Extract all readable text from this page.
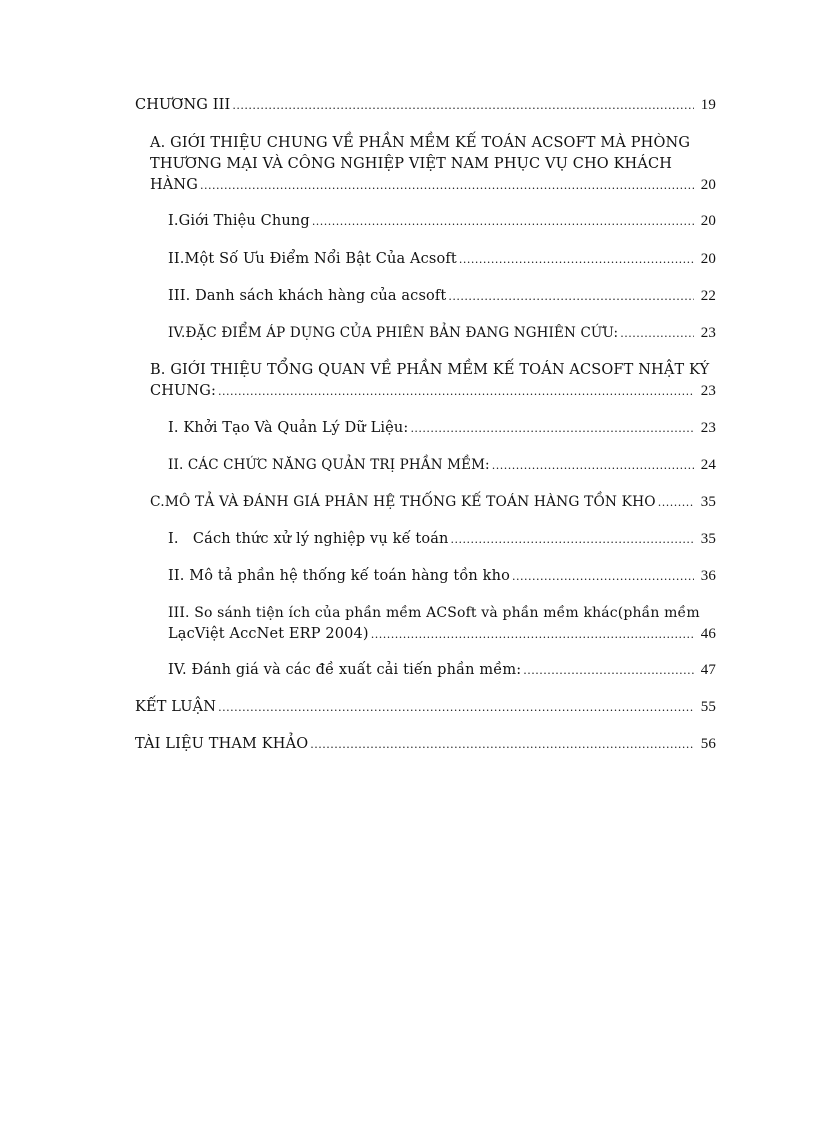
CHƯƠNG III .....	19
A. GIỚI THIỆU CHUNG VỀ PHẦN MỀM KẾ TOÁN ACSOFT MÀ PHÒNG
THƯƠNG MẠI VÀ CÔNG NGHIỆP VIỆT NAM PHỤC VỤ CHO KHÁCH
HÀNG .....	20
I.Giới Thiệu Chung .....	20
II.Một Số Ưu Điểm Nổi Bật Của Acsoft .....	20
III. Danh sách khách hàng của acsoft .....	22
IV.ĐẶC ĐIỂM ÁP DỤNG CỦA PHIÊN BẢN ĐANG NGHIÊN CỨU: .....	23
B. GIỚI THIỆU TỔNG QUAN VỀ PHẦN MỀM KẾ TOÁN ACSOFT NHẬT KÝ
CHUNG: .....	23
I. Khởi Tạo Và Quản Lý Dữ Liệu: .....	23
II. CÁC CHỨC NĂNG QUẢN TRỊ PHẦN MỀM: .....	24
C.MÔ TẢ VÀ ĐÁNH GIÁ PHÂN HỆ THỐNG KẾ TOÁN HÀNG TỒN KHO .....	35
I.   Cách thức xử lý nghiệp vụ kế toán .....	35
II. Mô tả phần hệ thống kế toán hàng tồn kho .....	36
III. So sánh tiện ích của phần mềm ACSoft và phần mềm khác(phần mềm
LạcViệt AccNet ERP 2004) .....	46
IV. Đánh giá và các đề xuất cải tiến phần mềm: .....	47
KẾT LUẬN .....	55
TÀI LIỆU THAM KHẢO .....	56
